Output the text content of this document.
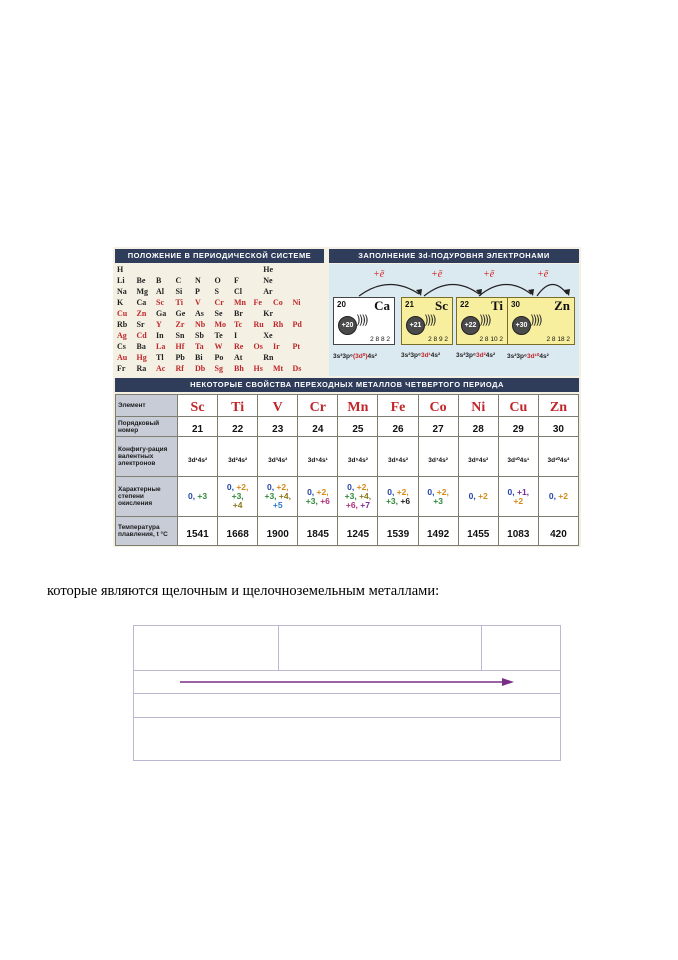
ПОЛОЖЕНИЕ В ПЕРИОДИЧЕСКОЙ СИСТЕМЕ	ЗАПОЛНЕНИЕ 3d-ПОДУРОВНЯ ЭЛЕКТРОНАМИ
H	He
Li Be B C N O F	Ne
Na Mg Al Si P S Cl	Ar
K Ca Sc Ti V Cr Mn Fe Co Ni
Cu Zn Ga Ge As Se Br	Kr
Rb Sr Y Zr Nb Mo Tc Ru Rh Pd
Ag Cd In Sn Sb Te I	Xe
Cs Ba La Hf Ta W Re Os Ir Pt
Au Hg Tl Pb Bi Po At	Rn
Fr Ra Ac Rf Db Sg Bh Hs Mt Ds
20 Ca
+20 ))))
2 8 8 2
3s²3p⁶(3d⁰)4s²
21 Sc
+21 ))))
2 8 9 2
3s²3p⁶3d¹4s²
22 Ti
+22 ))))
2 8 10 2
3s²3p⁶3d²4s²
30	Zn
+30 ))))
2 8 18 2
3s²3p⁶3d¹⁰4s²
+ē	+ē	+ē	+ē
НЕКОТОРЫЕ СВОЙСТВА ПЕРЕХОДНЫХ МЕТАЛЛОВ ЧЕТВЕРТОГО ПЕРИОДА
Элемент	Sc	Ti	V	Cr	Mn	Fe	Co	Ni	Cu	Zn
Порядковый номер	21	22	23	24	25	26	27	28	29	30
Конфигу-рация валентных электронов	3d¹4s²	3d²4s²	3d³4s²	3d⁵4s¹	3d⁵4s²	3d⁶4s²	3d⁷4s²	3d⁸4s²	3d¹⁰4s¹	3d¹⁰4s²
Характерные степени окисления	0, +3	0, +2,
+3,
+4	0, +2,
+3, +4,
+5	0, +2,
+3, +6	0, +2,
+3, +4,
+6, +7	0, +2,
+3, +6	0, +2,
+3	0, +2	0, +1,
+2	0, +2

Температура плавления, t °C	1541	1668	1900	1845	1245	1539	1492	1455	1083	420
которые являются щелочным и щелочноземельным металлами:
